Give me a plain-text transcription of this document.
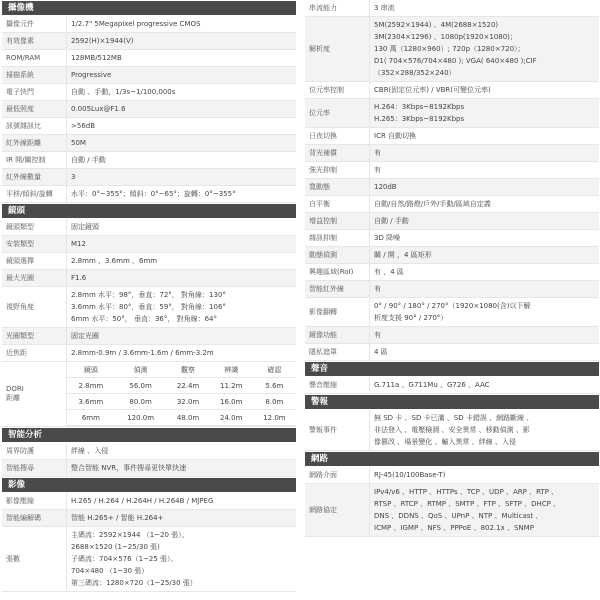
攝像機
攝像元件	1/2.7" 5Megapixel progressive CMOS
有效像素	2592(H)×1944(V)
ROM/RAM	128MB/512MB
掃描系統	Progressive
電子快門	自動 、手動，1/3s~1/100,000s
最低照度	0.005Lux@F1.6
訊號雜訊比	>56dB
紅外線距離	50M
IR 開/關控制	自動 / 手動
紅外線數量	3
平移/傾斜/旋轉	水平：0°~355°；傾斜：0°~65°；旋轉：0°~355°
鏡頭
鏡頭類型	固定鏡頭
安裝類型	M12
鏡頭選擇	2.8mm 、3.6mm 、6mm
最大光圈	F1.6
視野角度
2.8mm 水平：98°，垂直：72°， 對角線：130°
3.6mm 水平：80°，垂直：59°， 對角線：106°
6mm 水平：50°， 垂直：36°， 對角線：64°
光圈類型	固定光圈
近焦距	2.8mm-0.9m / 3.6mm-1.6m / 6mm-3.2m
DORI
距離
鏡頭	偵測	觀察	辨識	確認
2.8mm	56.0m	22.4m	11.2m	5.6m
3.6mm	80.0m	32.0m	16.0m	8.0m
6mm	120.0m	48.0m	24.0m	12.0m
智能分析
周界防護	絆線 、入侵
智能搜尋	整合智能 NVR，事件搜尋更快單快速
影像
影像壓縮	H.265 / H.264 / H.264H / H.264B / MJPEG
智能編解碼	智能 H.265+ / 智能 H.264+
張數
主碼流：2592×1944 （1~20 張）、
2688×1520 (1~25/30 張)
子碼流：704×576（1~25 張）、
704×480 （1~30 張）
第三碼流：1280×720（1~25/30 張）
串流能力	3 串流
解析度
5M(2592×1944) 、4M(2688×1520)
3M(2304×1296) 、1080p(1920×1080)；
130 萬（1280×960）; 720p（1280×720）；
D1( 704×576/704×480 ); VGA( 640×480 );CIF
（352×288/352×240）
位元率控制	CBR(固定位元率) / VBR(可變位元率)
位元率
H.264：3Kbps~8192Kbps
H.265：3Kbps~8192Kbps
日夜切換	ICR 自動切換
背光補償	有
強光抑制	有
寬動態	120dB
白平衡	自動/自然/路燈/戶外/手動/區域自定義
增益控制	自動 / 手動
雜訊抑制	3D 降噪
動態偵測	關 / 開 ，4 區矩形
興趣區域(RoI)	有 ，4 區
智能紅外線	有
影像翻轉
0° / 90° / 180° / 270°（1920×1080(含)以下解
析度支援 90° / 270°）
鏡像功能	有
隱私遮罩	4 區
聲音
聲音壓縮	G.711a 、G711Mu 、G726 、AAC
警報
警報事件
無 SD 卡 、SD 卡已滿 、SD 卡錯誤 、網路斷線 、
非法登入 、電壓檢測 、安全異常 、移動偵測 、影
像篡改 、場景變化 、輸入異常 、絆線 、入侵
網路
網路介面	RJ-45(10/100Base-T)
網路協定
IPv4/v6 、HTTP 、HTTPs 、TCP 、UDP 、ARP 、RTP 、
RTSP 、RTCP 、RTMP 、SMTP 、FTP 、SFTP 、DHCP 、
DNS 、DDNS 、QoS 、UPnP 、NTP 、Multicast 、
ICMP 、IGMP 、NFS 、PPPoE 、802.1x 、SNMP
